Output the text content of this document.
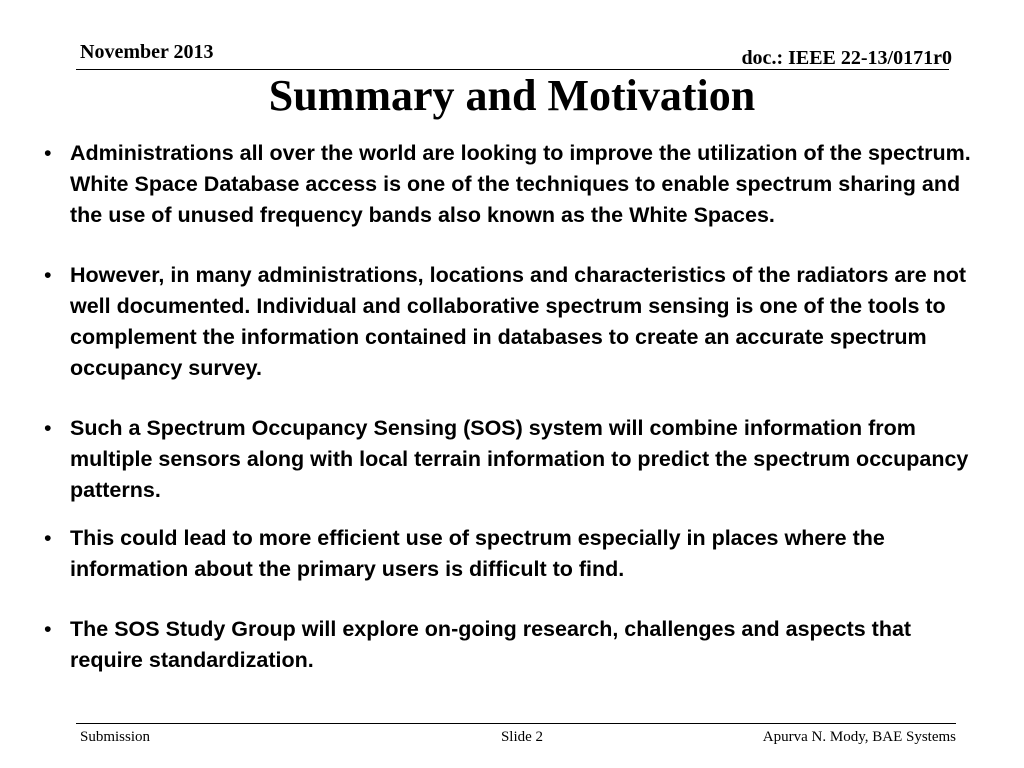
November 2013	doc.: IEEE 22-13/0171r0
Summary and Motivation
• Administrations all over the world are looking to improve the utilization of the spectrum. White Space Database access is one of the techniques to enable spectrum sharing and the use of unused frequency bands also known as the White Spaces.
• However, in many administrations, locations and characteristics of the radiators are not well documented. Individual and collaborative spectrum sensing is one of the tools to complement the information contained in databases to create an accurate spectrum occupancy survey.
• Such a Spectrum Occupancy Sensing (SOS) system will combine information from multiple sensors along with local terrain information to predict the spectrum occupancy patterns.
• This could lead to more efficient use of spectrum especially in places where the information about the primary users is difficult to find.
• The SOS Study Group will explore on-going research, challenges and aspects that require standardization.
Submission	Slide 2	Apurva N. Mody, BAE Systems
